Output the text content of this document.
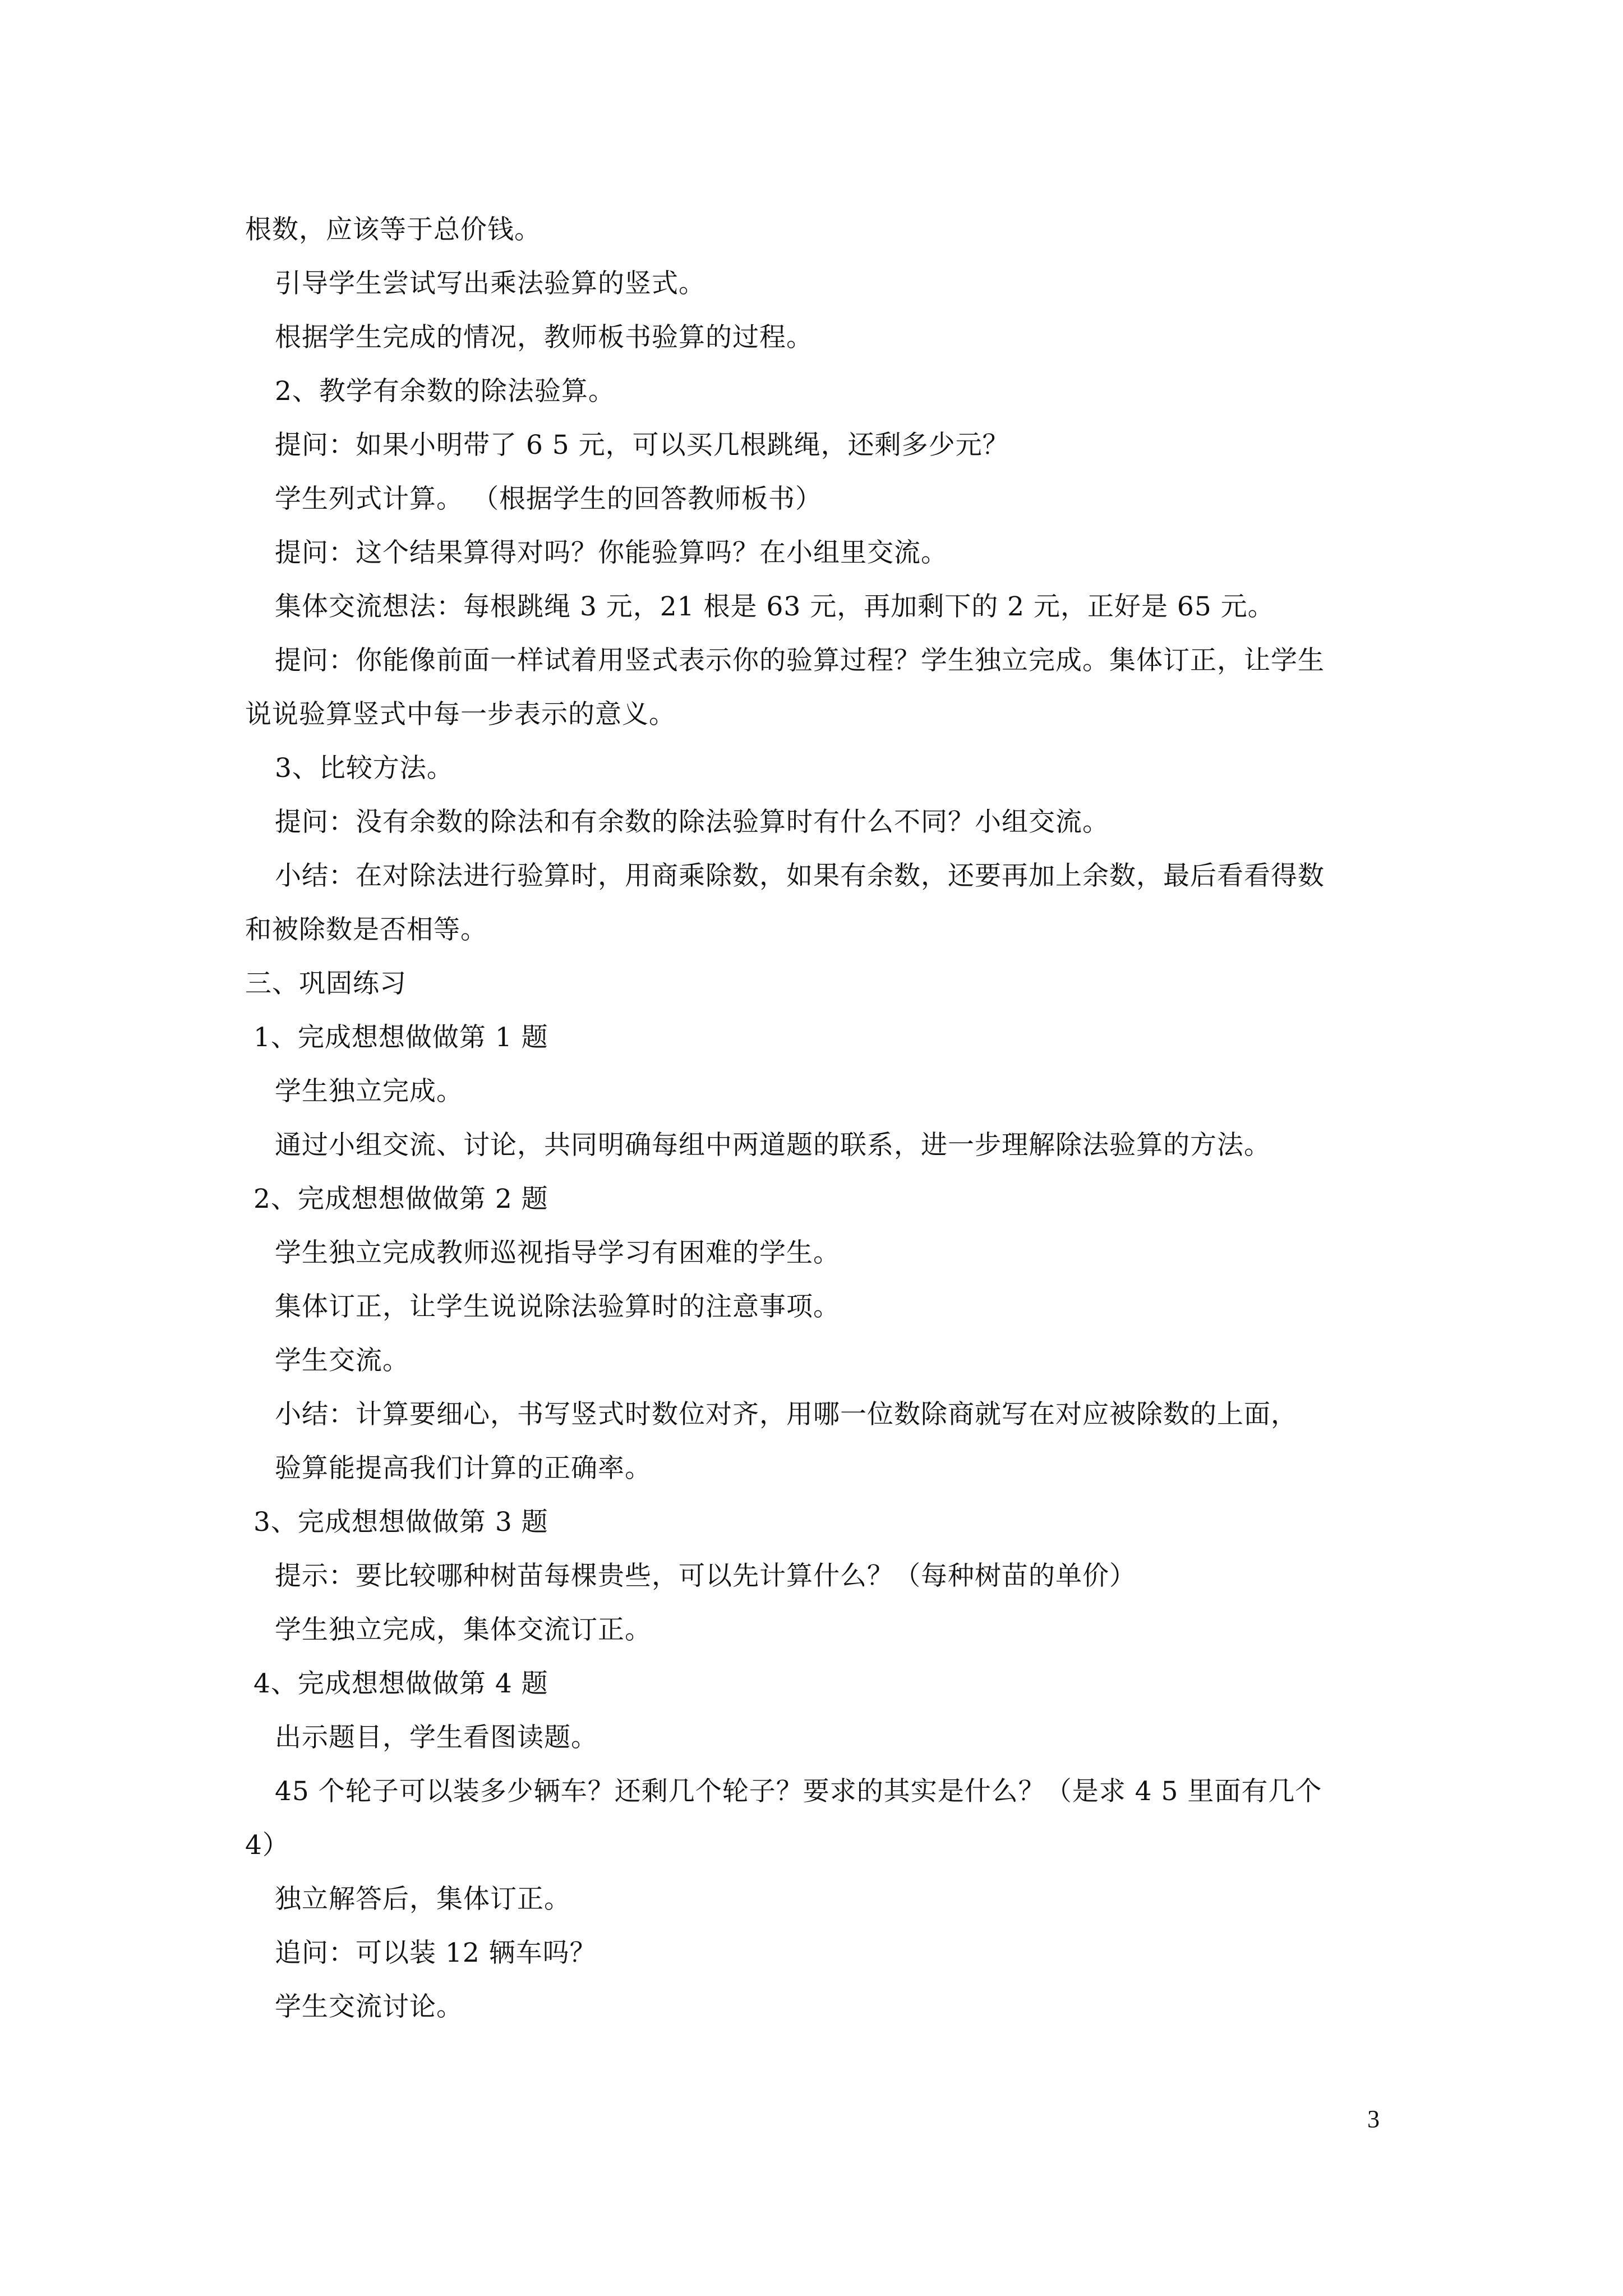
根数，应该等于总价钱。
引导学生尝试写出乘法验算的竖式。
根据学生完成的情况，教师板书验算的过程。
2、教学有余数的除法验算。
提问：如果小明带了 6 5 元，可以买几根跳绳，还剩多少元？
学生列式计算。 （根据学生的回答教师板书）
提问：这个结果算得对吗？你能验算吗？在小组里交流。
集体交流想法：每根跳绳 3 元，21 根是 63 元，再加剩下的 2 元，正好是 65 元。
提问：你能像前面一样试着用竖式表示你的验算过程？学生独立完成。集体订正，让学生
说说验算竖式中每一步表示的意义。
3、比较方法。
提问：没有余数的除法和有余数的除法验算时有什么不同？小组交流。
小结：在对除法进行验算时，用商乘除数，如果有余数，还要再加上余数，最后看看得数
和被除数是否相等。
三、巩固练习
1、完成想想做做第 1 题
学生独立完成。
通过小组交流、讨论，共同明确每组中两道题的联系，进一步理解除法验算的方法。
2、完成想想做做第 2 题
学生独立完成教师巡视指导学习有困难的学生。
集体订正，让学生说说除法验算时的注意事项。
学生交流。
小结：计算要细心，书写竖式时数位对齐，用哪一位数除商就写在对应被除数的上面，
验算能提高我们计算的正确率。
3、完成想想做做第 3 题
提示：要比较哪种树苗每棵贵些，可以先计算什么？（每种树苗的单价）
学生独立完成，集体交流订正。
4、完成想想做做第 4 题
出示题目，学生看图读题。
45 个轮子可以装多少辆车？还剩几个轮子？要求的其实是什么？（是求 4 5 里面有几个
4）
独立解答后，集体订正。
追问：可以装 12 辆车吗？
学生交流讨论。
3
